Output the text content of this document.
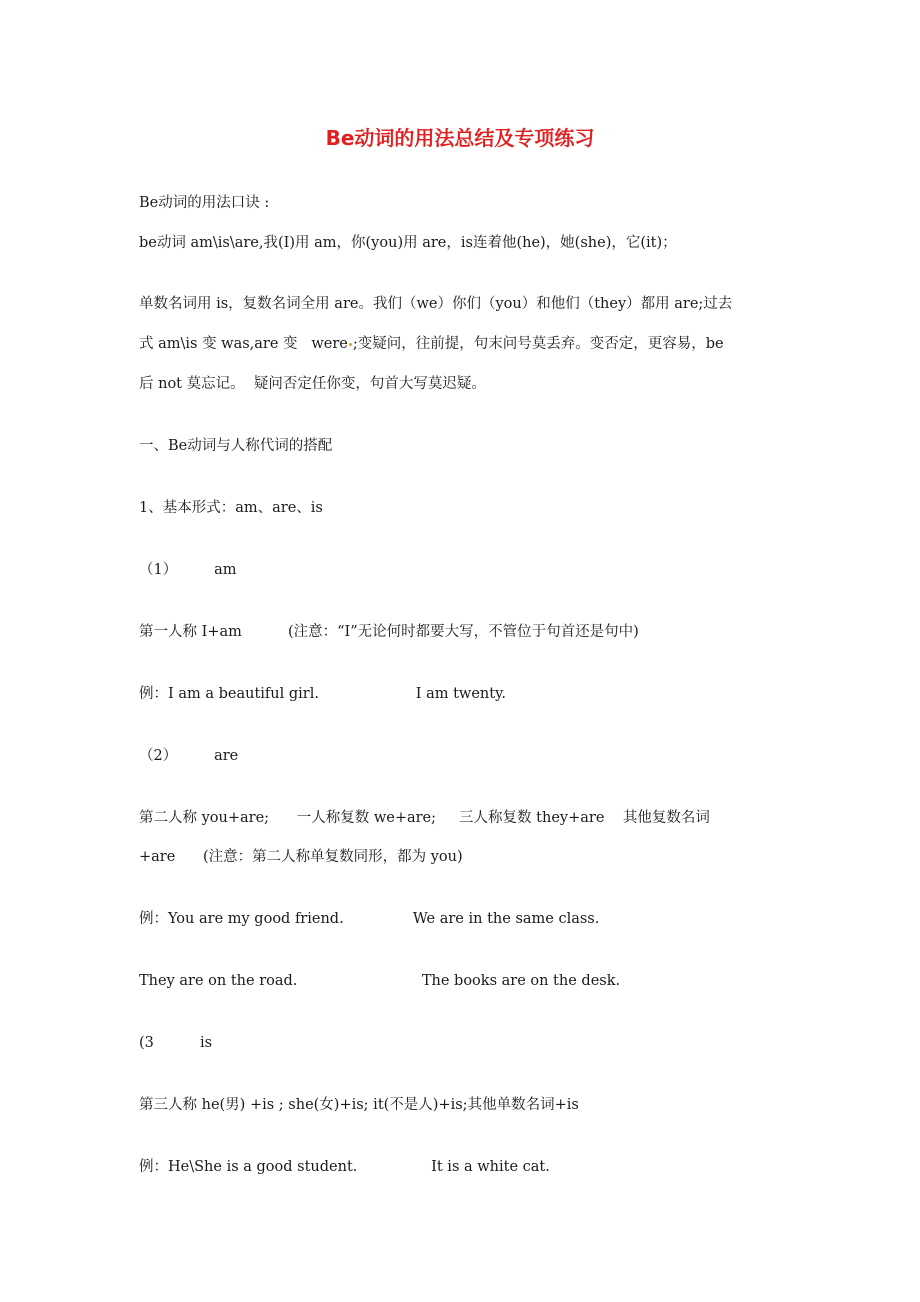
Be动词的用法总结及专项练习
Be动词的用法口诀 :
be动词 am\is\are,我(I)用 am，你(you)用 are，is连着他(he)，她(she)，它(it)；
单数名词用 is，复数名词全用 are。我们（we）你们（you）和他们（they）都用 are;过去
式 am\is 变 was,are 变   were ;变疑问，往前提，句末问号莫丢弃。变否定，更容易，be
后 not 莫忘记。  疑问否定任你变，句首大写莫迟疑。
一、Be动词与人称代词的搭配
1、基本形式：am、are、is
（1）        am
第一人称 I+am          (注意：“I”无论何时都要大写，不管位于句首还是句中)
例：I am a beautiful girl.                     I am twenty.
（2）        are
第二人称 you+are;      一人称复数 we+are;     三人称复数 they+are    其他复数名词
+are      (注意：第二人称单复数同形，都为 you)
例：You are my good friend.               We are in the same class.
They are on the road.                           The books are on the desk.
(3          is
第三人称 he(男) +is ; she(女)+is; it(不是人)+is;其他单数名词+is
例：He\She is a good student.                It is a white cat.
